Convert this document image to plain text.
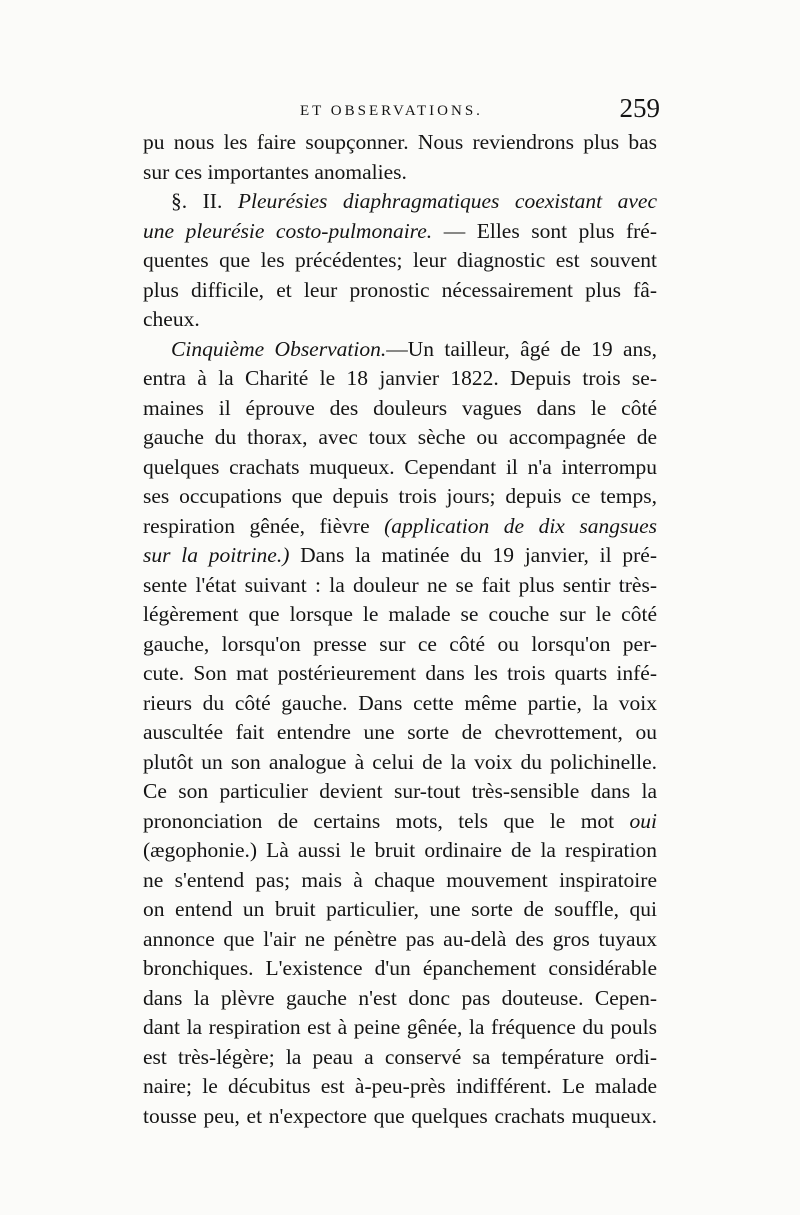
ET OBSERVATIONS.	259
pu nous les faire soupçonner. Nous reviendrons plus bas
sur ces importantes anomalies.
§. II. Pleurésies diaphragmatiques coexistant avec
une pleurésie costo-pulmonaire. — Elles sont plus fré-
quentes que les précédentes; leur diagnostic est souvent
plus difficile, et leur pronostic nécessairement plus fâ-
cheux.
Cinquième Observation.—Un tailleur, âgé de 19 ans,
entra à la Charité le 18 janvier 1822. Depuis trois se-
maines il éprouve des douleurs vagues dans le côté
gauche du thorax, avec toux sèche ou accompagnée de
quelques crachats muqueux. Cependant il n'a interrompu
ses occupations que depuis trois jours; depuis ce temps,
respiration gênée, fièvre (application de dix sangsues
sur la poitrine.) Dans la matinée du 19 janvier, il pré-
sente l'état suivant : la douleur ne se fait plus sentir très-
légèrement que lorsque le malade se couche sur le côté
gauche, lorsqu'on presse sur ce côté ou lorsqu'on per-
cute. Son mat postérieurement dans les trois quarts infé-
rieurs du côté gauche. Dans cette même partie, la voix
auscultée fait entendre une sorte de chevrottement, ou
plutôt un son analogue à celui de la voix du polichinelle.
Ce son particulier devient sur-tout très-sensible dans la
prononciation de certains mots, tels que le mot oui
(ægophonie.) Là aussi le bruit ordinaire de la respiration
ne s'entend pas; mais à chaque mouvement inspiratoire
on entend un bruit particulier, une sorte de souffle, qui
annonce que l'air ne pénètre pas au-delà des gros tuyaux
bronchiques. L'existence d'un épanchement considérable
dans la plèvre gauche n'est donc pas douteuse. Cepen-
dant la respiration est à peine gênée, la fréquence du pouls
est très-légère; la peau a conservé sa température ordi-
naire; le décubitus est à-peu-près indifférent. Le malade
tousse peu, et n'expectore que quelques crachats muqueux.
